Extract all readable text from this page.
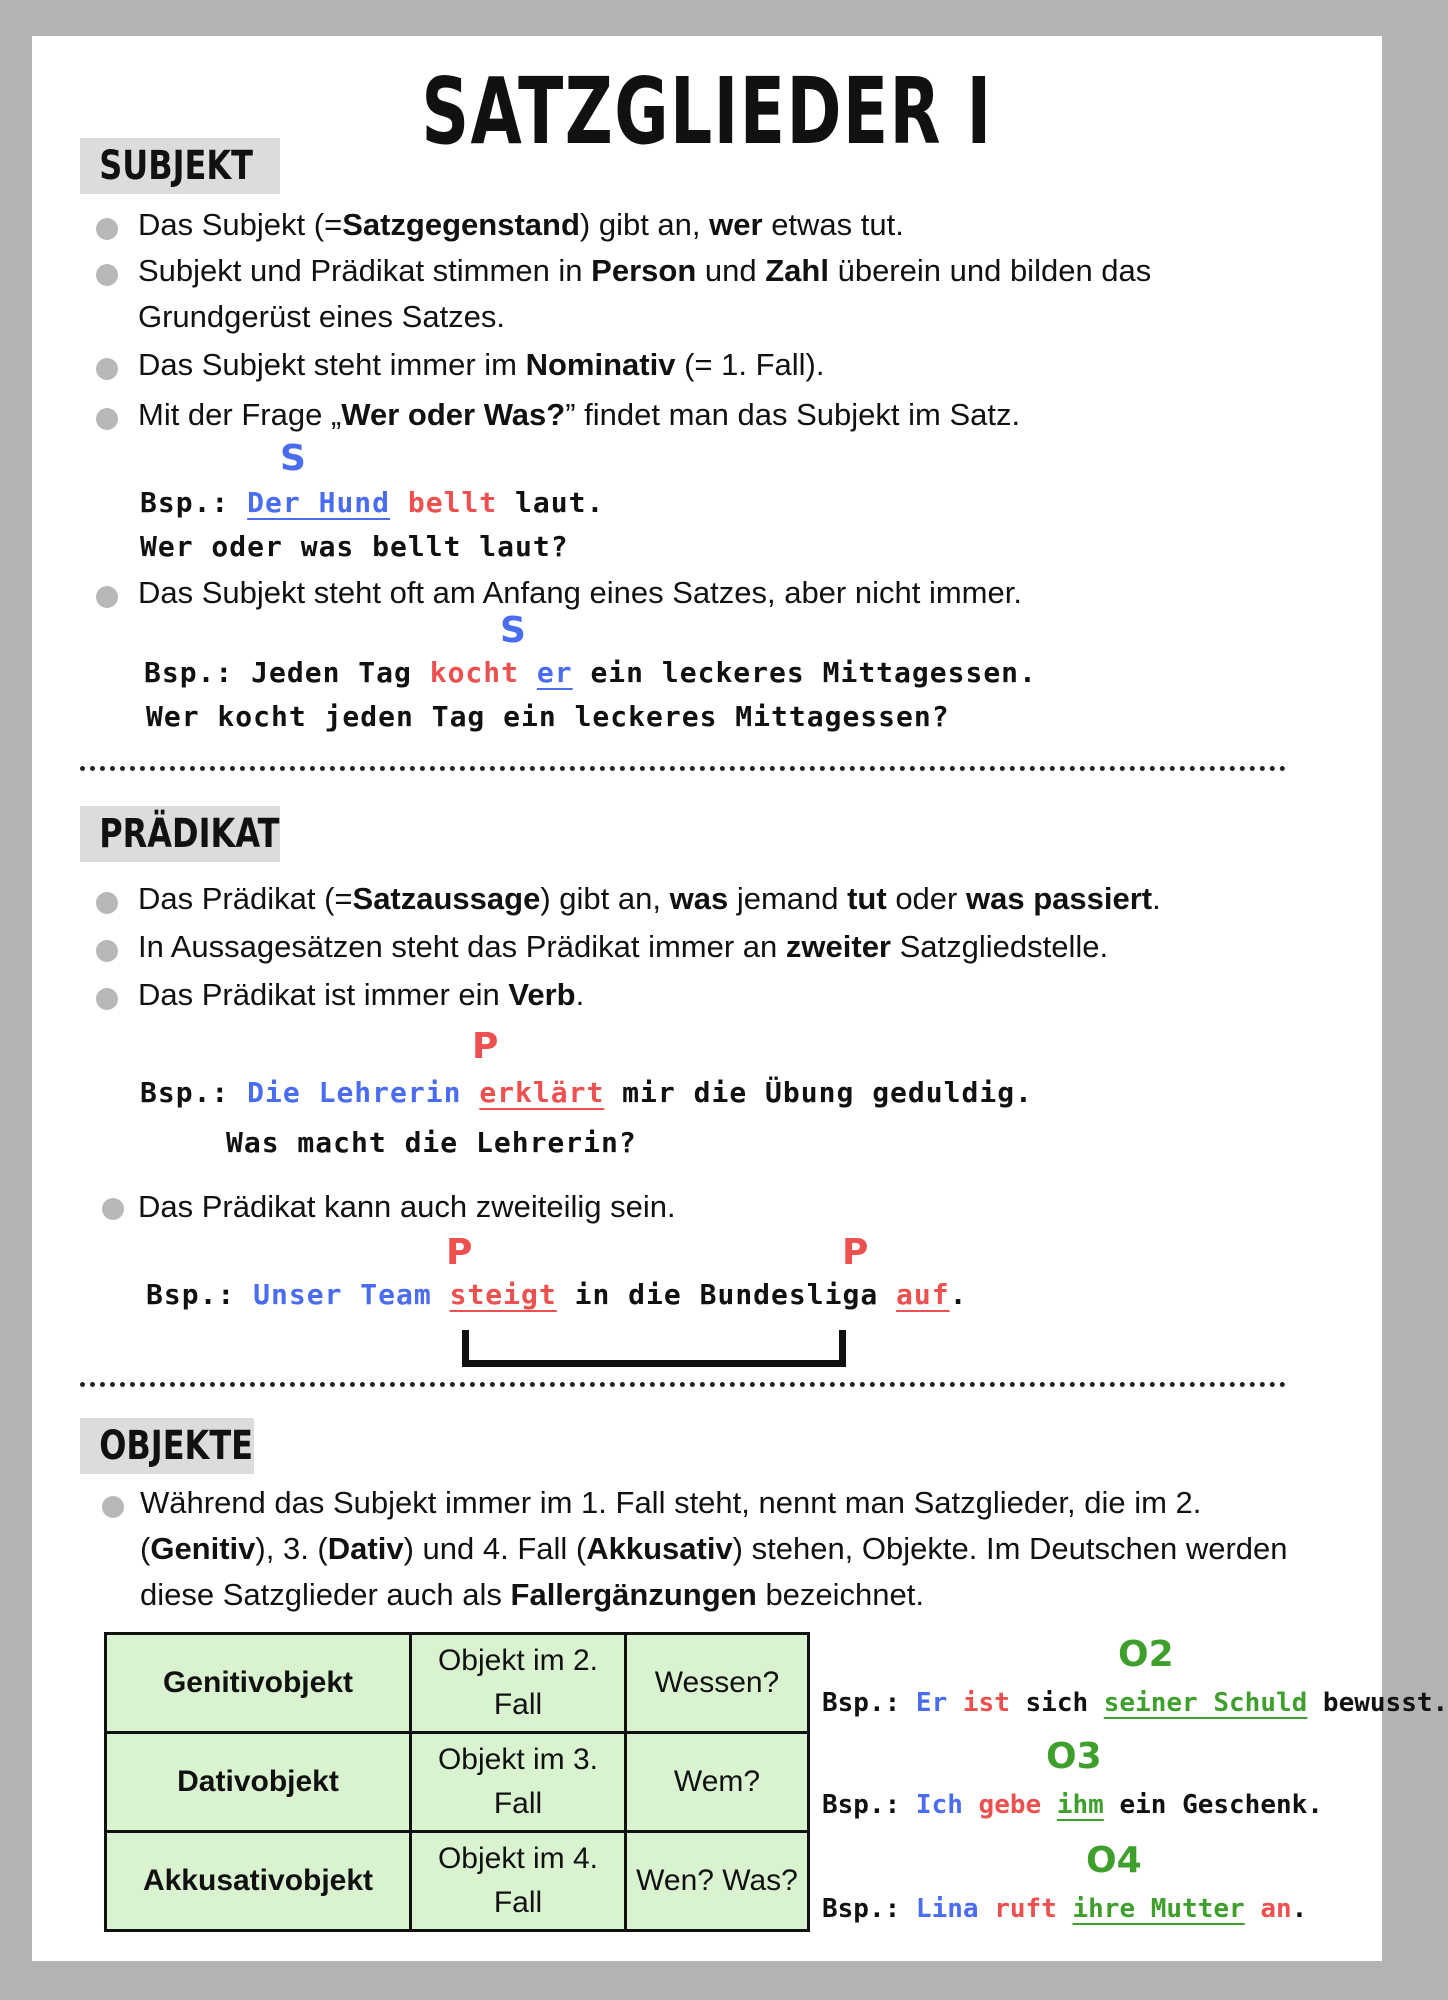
SATZGLIEDER I
SUBJEKT
Das Subjekt (=Satzgegenstand) gibt an, wer etwas tut.
Subjekt und Prädikat stimmen in Person und Zahl überein und bilden das Grundgerüst eines Satzes.
Das Subjekt steht immer im Nominativ (= 1. Fall).
Mit der Frage „Wer oder Was?” findet man das Subjekt im Satz.
S
Bsp.: Der Hund bellt laut.
Wer oder was bellt laut?
Das Subjekt steht oft am Anfang eines Satzes, aber nicht immer.
S
Bsp.: Jeden Tag kocht er ein leckeres Mittagessen.
Wer kocht jeden Tag ein leckeres Mittagessen?
PRÄDIKAT
Das Prädikat (=Satzaussage) gibt an, was jemand tut oder was passiert.
In Aussagesätzen steht das Prädikat immer an zweiter Satzgliedstelle.
Das Prädikat ist immer ein Verb.
P
Bsp.: Die Lehrerin erklärt mir die Übung geduldig.
Was macht die Lehrerin?
Das Prädikat kann auch zweiteilig sein.
P	P
Bsp.: Unser Team steigt in die Bundesliga auf.
OBJEKTE
Während das Subjekt immer im 1. Fall steht, nennt man Satzglieder, die im 2. (Genitiv), 3. (Dativ) und 4. Fall (Akkusativ) stehen, Objekte. Im Deutschen werden diese Satzglieder auch als Fallergänzungen bezeichnet.
Genitivobjekt	Objekt im 2. Fall	Wessen?
Dativobjekt	Objekt im 3. Fall	Wem?
Akkusativobjekt	Objekt im 4. Fall	Wen? Was?
O2
Bsp.: Er ist sich seiner Schuld bewusst.
O3
Bsp.: Ich gebe ihm ein Geschenk.
O4
Bsp.: Lina ruft ihre Mutter an.
